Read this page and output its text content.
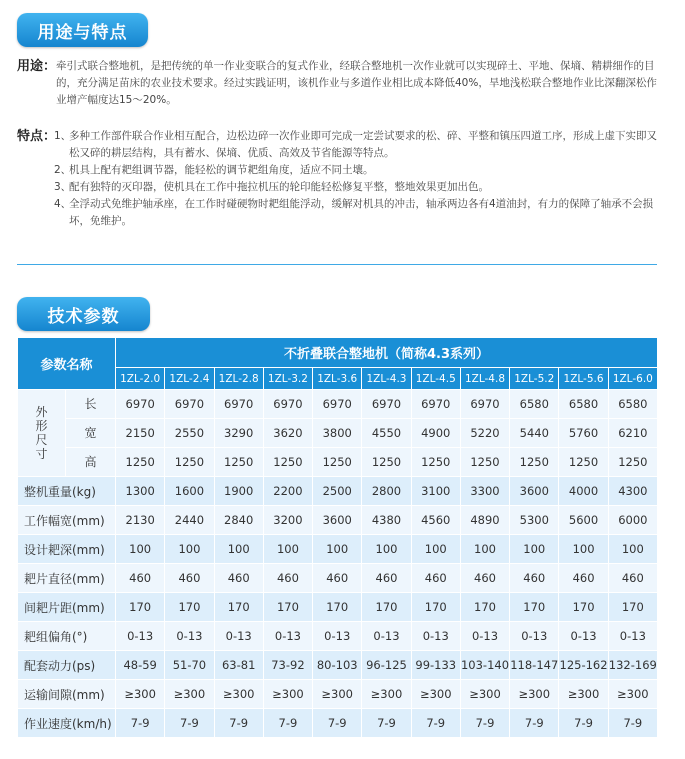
用途与特点
用途： 牵引式联合整地机，是把传统的单一作业变联合的复式作业，经联合整地机一次作业就可以实现碎土、平地、保墒、精耕细作的目的，充分满足苗床的农业技术要求。经过实践证明，该机作业与多道作业相比成本降低40%，旱地浅松联合整地作业比深翻深松作业增产幅度达15～20%。
特点：
1、
多种工作部件联合作业相互配合，边松边碎一次作业即可完成一定尝试要求的松、碎、平整和镇压四道工序，形成上虚下实即又松又碎的耕层结构，具有蓄水、保墒、优质、高效及节省能源等特点。
2、
机具上配有耙组调节器，能轻松的调节耙组角度，适应不同土壤。
3、
配有独特的灭印器，使机具在工作中拖拉机压的轮印能轻松修复平整，整地效果更加出色。
4、
全浮动式免维护轴承座，在工作时碰硬物时耙组能浮动，缓解对机具的冲击，轴承两边各有4道油封，有力的保障了轴承不会损坏，免维护。
技术参数
参数名称		不折叠联合整地机（简称4.3系列）										
		1ZL-2.0	1ZL-2.4	1ZL-2.8	1ZL-3.2	1ZL-3.6	1ZL-4.3	1ZL-4.5	1ZL-4.8	1ZL-5.2	1ZL-5.6	1ZL-6.0

外
形
尺
寸	长	6970	6970	6970	6970	6970	6970	6970	6970	6580	6580	6580
	宽	2150	2550	3290	3620	3800	4550	4900	5220	5440	5760	6210
	高	1250	1250	1250	1250	1250	1250	1250	1250	1250	1250	1250
整机重量(kg)		1300	1600	1900	2200	2500	2800	3100	3300	3600	4000	4300
工作幅宽(mm)		2130	2440	2840	3200	3600	4380	4560	4890	5300	5600	6000
设计耙深(mm)		100	100	100	100	100	100	100	100	100	100	100
耙片直径(mm)		460	460	460	460	460	460	460	460	460	460	460
间耙片距(mm)		170	170	170	170	170	170	170	170	170	170	170
耙组偏角(°)		0-13	0-13	0-13	0-13	0-13	0-13	0-13	0-13	0-13	0-13	0-13
配套动力(ps)		48-59	51-70	63-81	73-92	80-103	96-125	99-133	103-140	118-147	125-162	132-169
运输间隙(mm)		≥300	≥300	≥300	≥300	≥300	≥300	≥300	≥300	≥300	≥300	≥300
作业速度(km/h)		7-9	7-9	7-9	7-9	7-9	7-9	7-9	7-9	7-9	7-9	7-9
